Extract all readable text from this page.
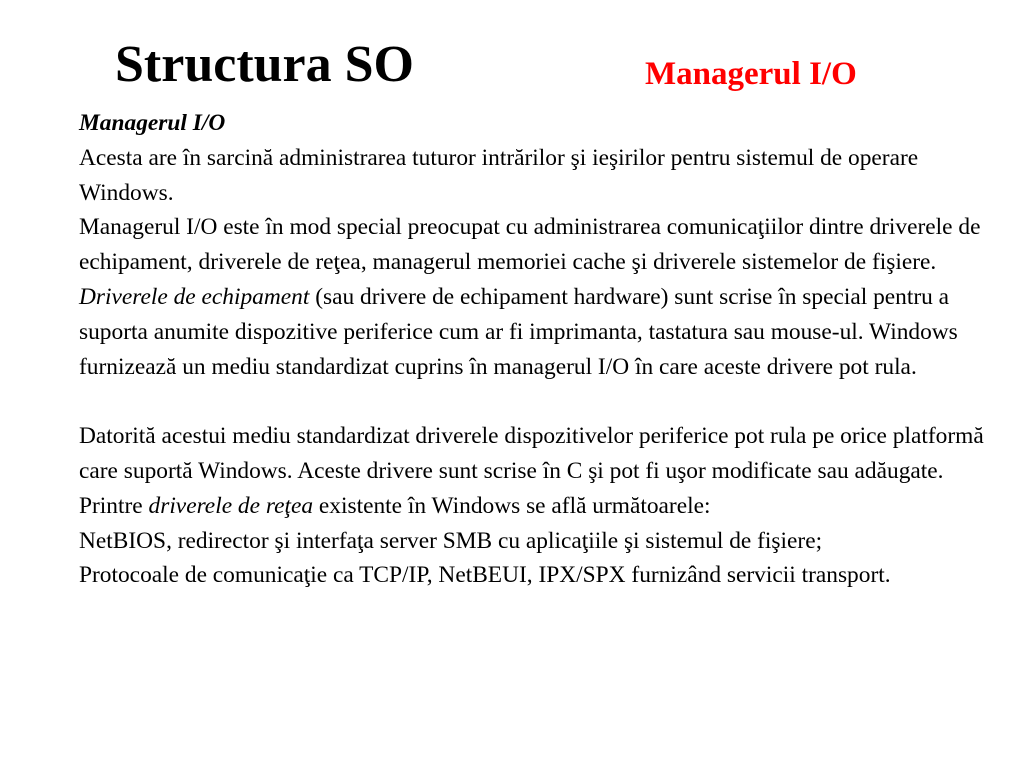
Structura SO	Managerul I/O

Managerul I/O

Acesta are în sarcină administrarea tuturor intrărilor şi ieşirilor pentru sistemul de operare Windows.

Managerul I/O este în mod special preocupat cu administrarea comunicaţiilor dintre driverele de echipament, driverele de reţea, managerul memoriei cache şi driverele sistemelor de fişiere.

Driverele de echipament (sau drivere de echipament hardware) sunt scrise în special pentru a suporta anumite dispozitive periferice cum ar fi imprimanta, tastatura sau mouse-ul. Windows furnizează un mediu standardizat cuprins în managerul I/O în care aceste drivere pot rula.

Datorită acestui mediu standardizat driverele dispozitivelor periferice pot rula pe orice platformă care suportă Windows. Aceste drivere sunt scrise în C şi pot fi uşor modificate sau adăugate.

Printre driverele de reţea existente în Windows se află următoarele:

NetBIOS, redirector şi interfaţa server SMB cu aplicaţiile şi sistemul de fişiere;

Protocoale de comunicaţie ca TCP/IP, NetBEUI, IPX/SPX furnizând servicii transport.
